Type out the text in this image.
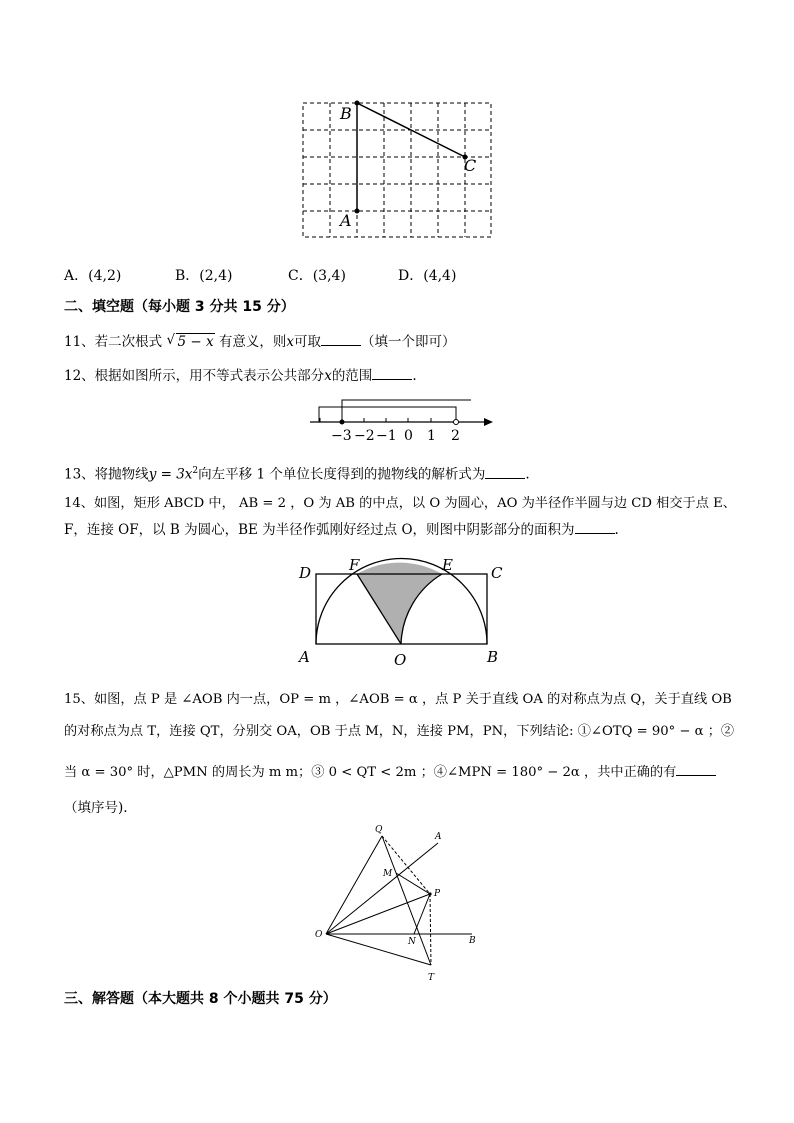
B
C
A
A．(4,2)	B．(2,4)	C．(3,4)	D．(4,4)
二、填空题（每小题 3 分共 15 分）
11、若二次根式 √ 5 − x 有意义，则x可取	（填一个即可）
12、根据如图所示，用不等式表示公共部分x的范围	.
−3 −2 −1 0 1 2
13、将抛物线$y = 3x^2$向左平移 1 个单位长度得到的抛物线的解析式为	.
14、如图，矩形 ABCD 中， AB = 2 ，O 为 AB 的中点，以 O 为圆心，AO 为半径作半圆与边 CD 相交于点 E、
F，连接 OF，以 B 为圆心，BE 为半径作弧刚好经过点 O，则图中阴影部分的面积为	.
D	F	E	C
A	O	B
15、如图，点 P 是 ∠AOB 内一点，OP = m ，∠AOB = α ，点 P 关于直线 OA 的对称点为点 Q，关于直线 OB
的对称点为点 T，连接 QT，分别交 OA，OB 于点 M，N，连接 PM，PN，下列结论: ①∠OTQ = 90° − α ；②
当 α = 30° 时，△PMN 的周长为 m m；③ 0 < QT < 2m ；④∠MPN = 180° − 2α ，共中正确的有
（填序号).
Q
A
M
P
O
N	B
T
三、解答题（本大题共 8 个小题共 75 分）
